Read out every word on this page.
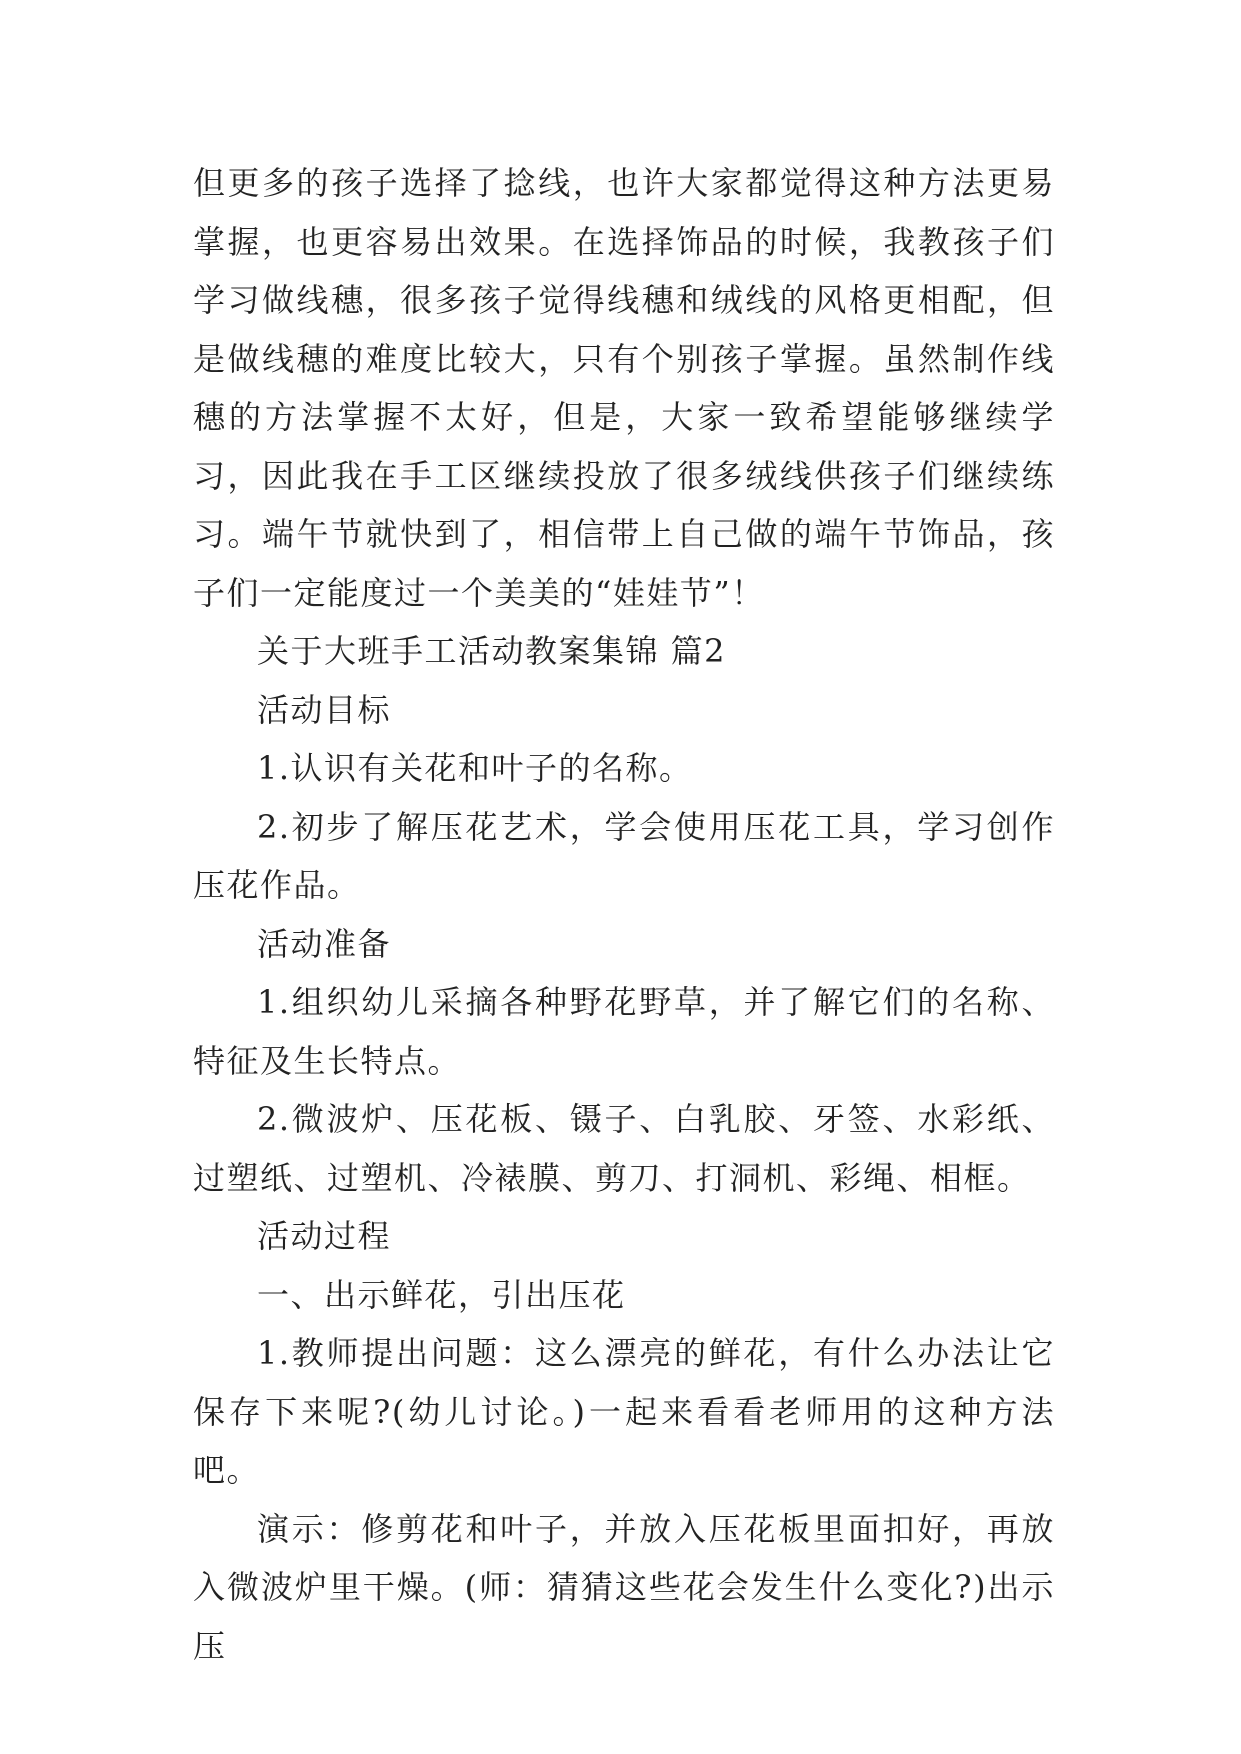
但更多的孩子选择了捻线，也许大家都觉得这种方法更易掌握，也更容易出效果。在选择饰品的时候，我教孩子们学习做线穗，很多孩子觉得线穗和绒线的风格更相配，但是做线穗的难度比较大，只有个别孩子掌握。虽然制作线穗的方法掌握不太好，但是，大家一致希望能够继续学习，因此我在手工区继续投放了很多绒线供孩子们继续练习。端午节就快到了，相信带上自己做的端午节饰品，孩子们一定能度过一个美美的“娃娃节”！

关于大班手工活动教案集锦 篇2

活动目标

1.认识有关花和叶子的名称。

2.初步了解压花艺术，学会使用压花工具，学习创作压花作品。

活动准备

1.组织幼儿采摘各种野花野草，并了解它们的名称、特征及生长特点。

2.微波炉、压花板、镊子、白乳胶、牙签、水彩纸、过塑纸、过塑机、冷裱膜、剪刀、打洞机、彩绳、相框。

活动过程

一、出示鲜花，引出压花

1.教师提出问题：这么漂亮的鲜花，有什么办法让它保存下来呢?(幼儿讨论。)一起来看看老师用的这种方法吧。

演示：修剪花和叶子，并放入压花板里面扣好，再放入微波炉里干燥。(师：猜猜这些花会发生什么变化?)出示压
